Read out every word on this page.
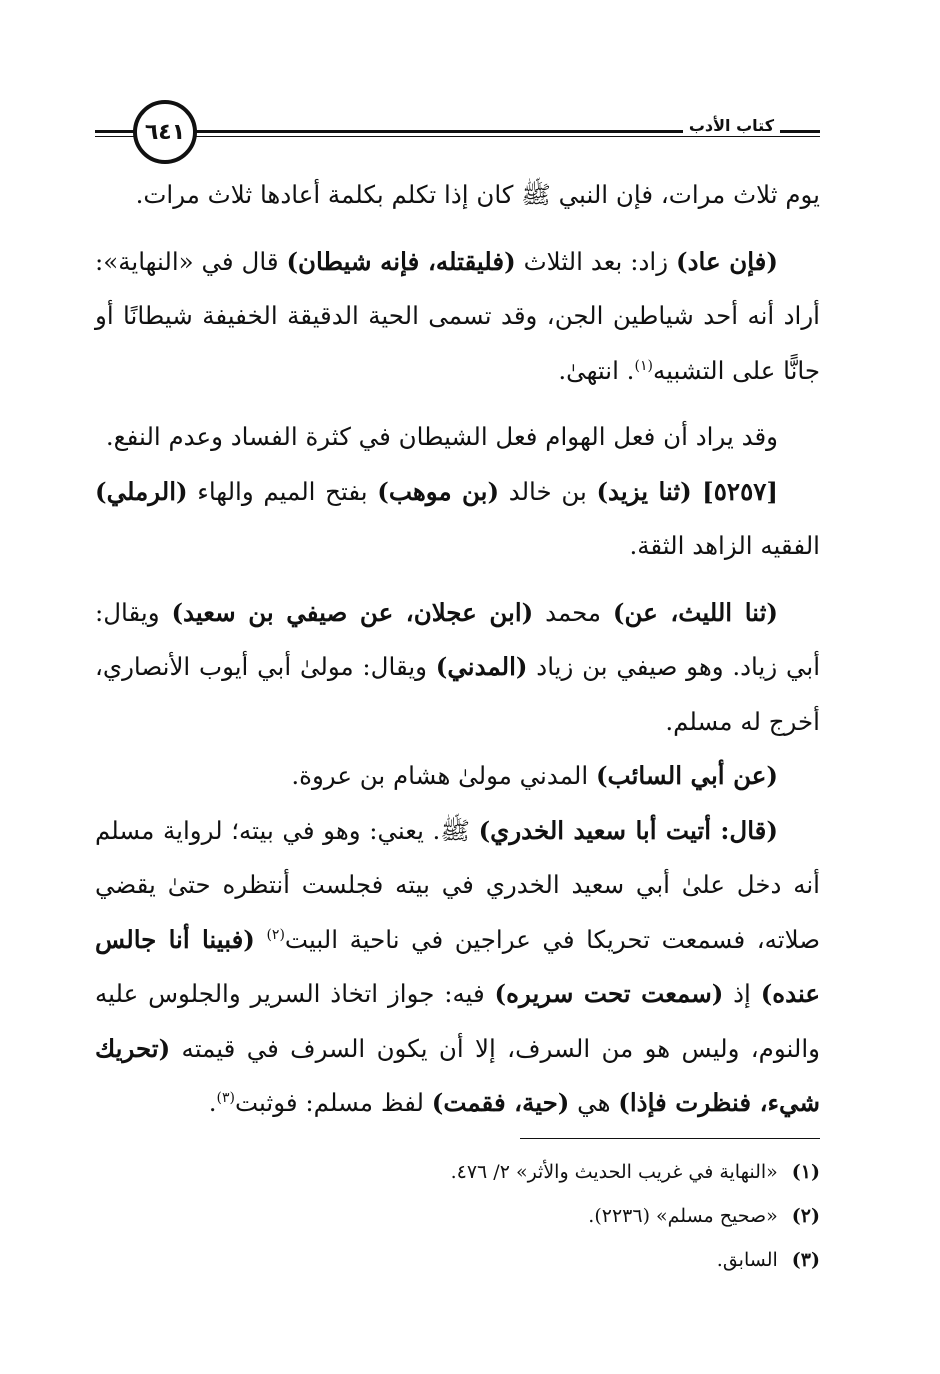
٦٤١	كتاب الأدب

يوم ثلاث مرات، فإن النبي ﷺ كان إذا تكلم بكلمة أعادها ثلاث مرات.

(فإن عاد) زاد: بعد الثلاث (فليقتله، فإنه شيطان) قال في «النهاية»: أراد أنه أحد شياطين الجن، وقد تسمى الحية الدقيقة الخفيفة شيطانًا أو جانًّا على التشبيه$^{(١)}$. انتهىٰ.

وقد يراد أن فعل الهوام فعل الشيطان في كثرة الفساد وعدم النفع.

[٥٢٥٧] (ثنا يزيد) بن خالد (بن موهب) بفتح الميم والهاء (الرملي) الفقيه الزاهد الثقة.

(ثنا الليث، عن) محمد (ابن عجلان، عن صيفي بن سعيد) ويقال: أبي زياد. وهو صيفي بن زياد (المدني) ويقال: مولىٰ أبي أيوب الأنصاري، أخرج له مسلم.

(عن أبي السائب) المدني مولىٰ هشام بن عروة.

(قال: أتيت أبا سعيد الخدري) ﷺ. يعني: وهو في بيته؛ لرواية مسلم أنه دخل علىٰ أبي سعيد الخدري في بيته فجلست أنتظره حتىٰ يقضي صلاته، فسمعت تحريكا في عراجين في ناحية البيت$^{(٢)}$ (فبينا أنا جالس عنده) إذ (سمعت تحت سريره) فيه: جواز اتخاذ السرير والجلوس عليه والنوم، وليس هو من السرف، إلا أن يكون السرف في قيمته (تحريك شيء، فنظرت فإذا) هي (حية، فقمت) لفظ مسلم: فوثبت$^{(٣)}$.

(١)«النهاية في غريب الحديث والأثر» ٢/ ٤٧٦.
(٢)«صحيح مسلم» (٢٢٣٦).
(٣)السابق.
